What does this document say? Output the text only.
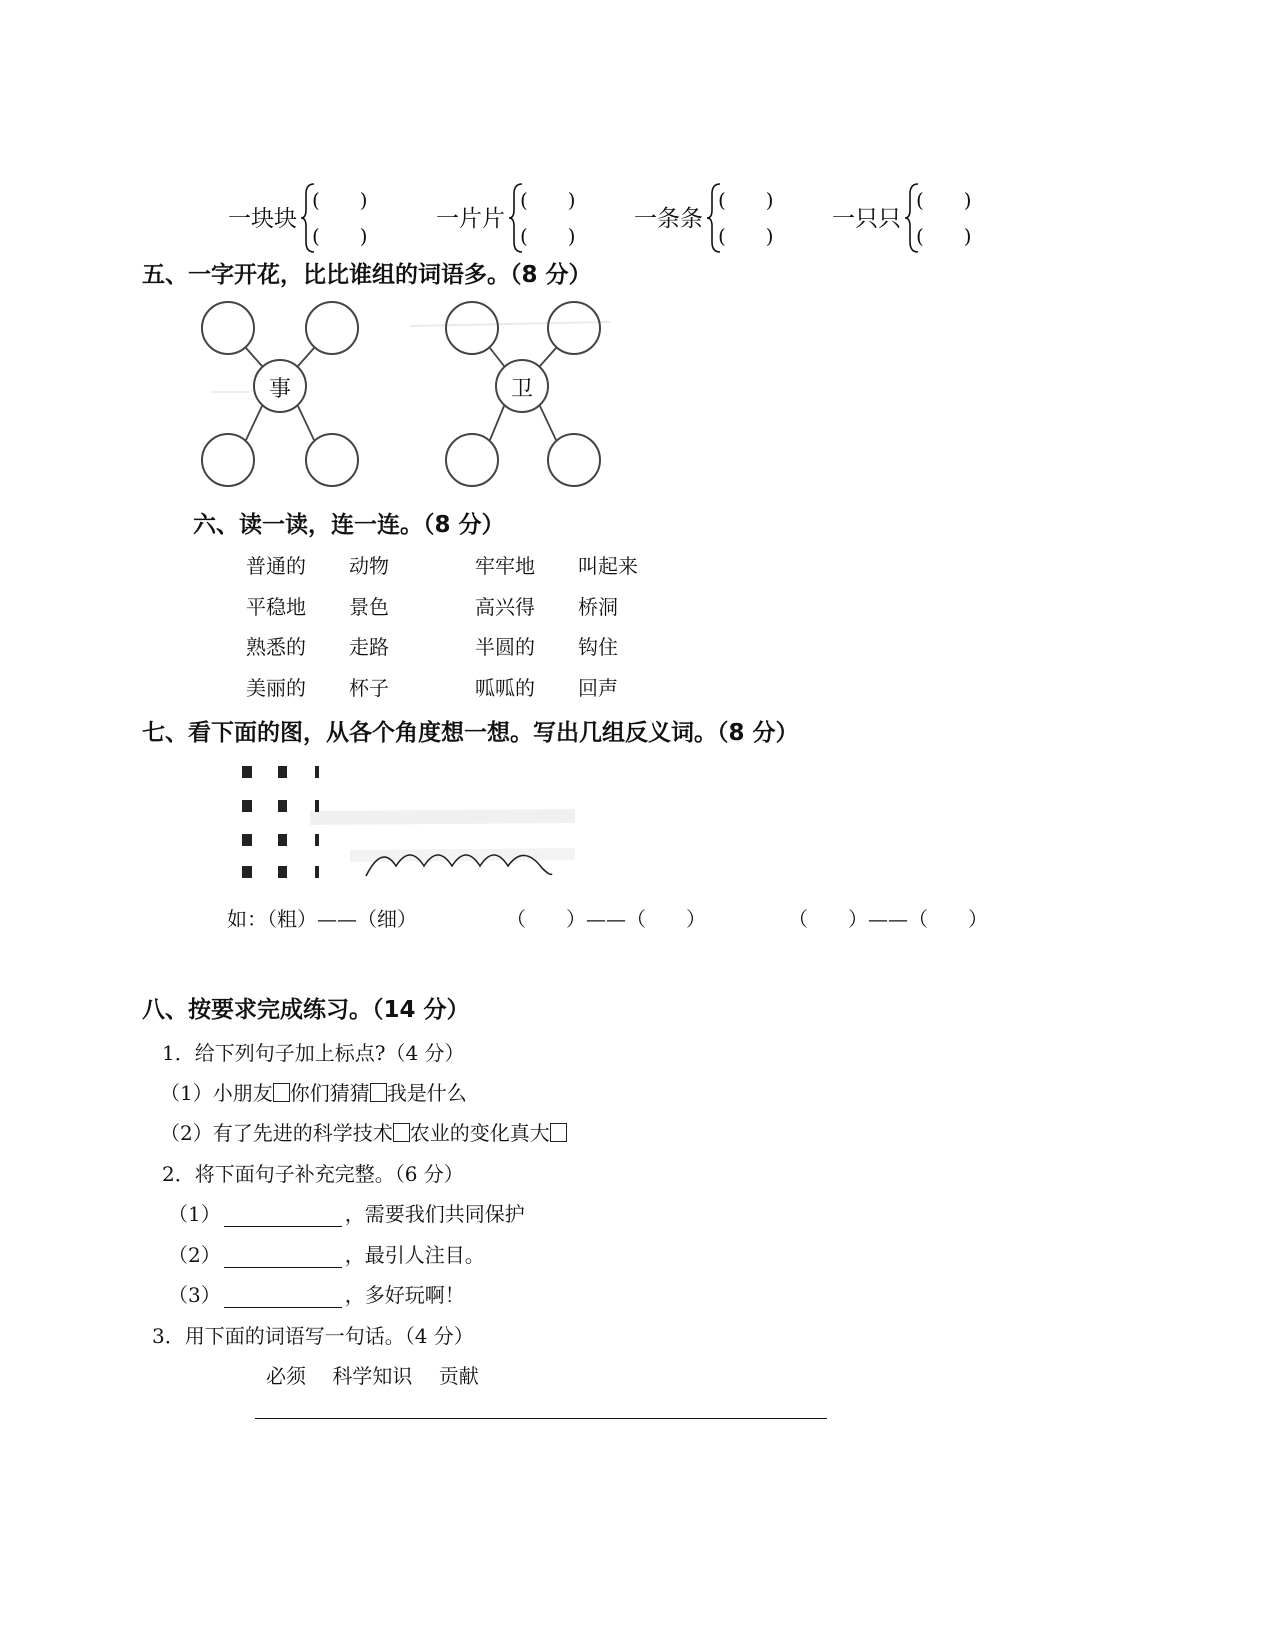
一块块
(　　)
(　　)
一片片
(　　)
(　　)
一条条
(　　)
(　　)
一只只
(　　)
(　　)
五、一字开花，比比谁组的词语多。（8 分）
事	卫
六、读一读，连一连。（8 分）
普通的 动物	牢牢地 叫起来
平稳地 景色	高兴得 桥洞
熟悉的 走路	半圆的 钩住
美丽的 杯子	呱呱的 回声
七、看下面的图，从各个角度想一想。写出几组反义词。（8 分）
如：（粗）——（细）	（　　）——（　　）	（　　）——（　　）
八、按要求完成练习。（14 分）
1．给下列句子加上标点?（4 分）
（1）小朋友 你们猜猜 我是什么
（2）有了先进的科学技术 农业的变化真大
2．将下面句子补充完整。（6 分）
（1）	，需要我们共同保护
（2）	，最引人注目。
（3）	，多好玩啊！
3．用下面的词语写一句话。（4 分）
必须　 科学知识　 贡献
